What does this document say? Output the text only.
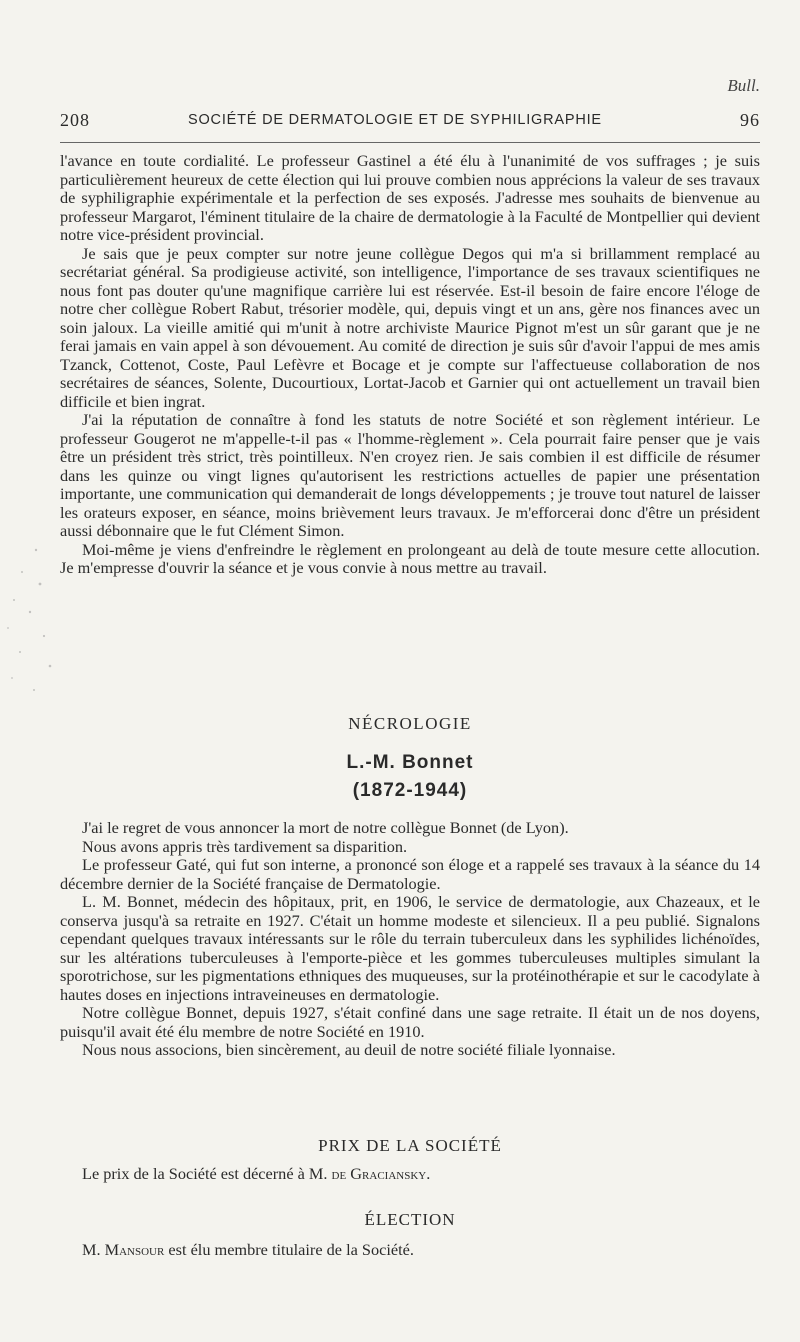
Bull.
208	SOCIÉTÉ DE DERMATOLOGIE ET DE SYPHILIGRAPHIE	96

l'avance en toute cordialité. Le professeur Gastinel a été élu à l'unanimité de vos suffrages ; je suis particulièrement heureux de cette élection qui lui prouve combien nous apprécions la valeur de ses travaux de syphiligraphie expérimentale et la perfection de ses exposés. J'adresse mes souhaits de bienvenue au professeur Margarot, l'éminent titulaire de la chaire de dermatologie à la Faculté de Montpellier qui devient notre vice-président provincial.

Je sais que je peux compter sur notre jeune collègue Degos qui m'a si brillamment remplacé au secrétariat général. Sa prodigieuse activité, son intelligence, l'importance de ses travaux scientifiques ne nous font pas douter qu'une magnifique carrière lui est réservée. Est-il besoin de faire encore l'éloge de notre cher collègue Robert Rabut, trésorier modèle, qui, depuis vingt et un ans, gère nos finances avec un soin jaloux. La vieille amitié qui m'unit à notre archiviste Maurice Pignot m'est un sûr garant que je ne ferai jamais en vain appel à son dévouement. Au comité de direction je suis sûr d'avoir l'appui de mes amis Tzanck, Cottenot, Coste, Paul Lefèvre et Bocage et je compte sur l'affectueuse collaboration de nos secrétaires de séances, Solente, Ducourtioux, Lortat-Jacob et Garnier qui ont actuellement un travail bien difficile et bien ingrat.

J'ai la réputation de connaître à fond les statuts de notre Société et son règlement intérieur. Le professeur Gougerot ne m'appelle-t-il pas « l'homme-règlement ». Cela pourrait faire penser que je vais être un président très strict, très pointilleux. N'en croyez rien. Je sais combien il est difficile de résumer dans les quinze ou vingt lignes qu'autorisent les restrictions actuelles de papier une présentation importante, une communication qui demanderait de longs développements ; je trouve tout naturel de laisser les orateurs exposer, en séance, moins brièvement leurs travaux. Je m'efforcerai donc d'être un président aussi débonnaire que le fut Clément Simon.

Moi-même je viens d'enfreindre le règlement en prolongeant au delà de toute mesure cette allocution. Je m'empresse d'ouvrir la séance et je vous convie à nous mettre au travail.

NÉCROLOGIE
L.-M. Bonnet
(1872-1944)

J'ai le regret de vous annoncer la mort de notre collègue Bonnet (de Lyon).

Nous avons appris très tardivement sa disparition.

Le professeur Gaté, qui fut son interne, a prononcé son éloge et a rappelé ses travaux à la séance du 14 décembre dernier de la Société française de Dermatologie.

L. M. Bonnet, médecin des hôpitaux, prit, en 1906, le service de dermatologie, aux Chazeaux, et le conserva jusqu'à sa retraite en 1927. C'était un homme modeste et silencieux. Il a peu publié. Signalons cependant quelques travaux intéressants sur le rôle du terrain tuberculeux dans les syphilides lichénoïdes, sur les altérations tuberculeuses à l'emporte-pièce et les gommes tuberculeuses multiples simulant la sporotrichose, sur les pigmentations ethniques des muqueuses, sur la protéinothérapie et sur le cacodylate à hautes doses en injections intraveineuses en dermatologie.

Notre collègue Bonnet, depuis 1927, s'était confiné dans une sage retraite. Il était un de nos doyens, puisqu'il avait été élu membre de notre Société en 1910.

Nous nous associons, bien sincèrement, au deuil de notre société filiale lyonnaise.

PRIX DE LA SOCIÉTÉ
Le prix de la Société est décerné à M. de Graciansky.
ÉLECTION
M. Mansour est élu membre titulaire de la Société.
